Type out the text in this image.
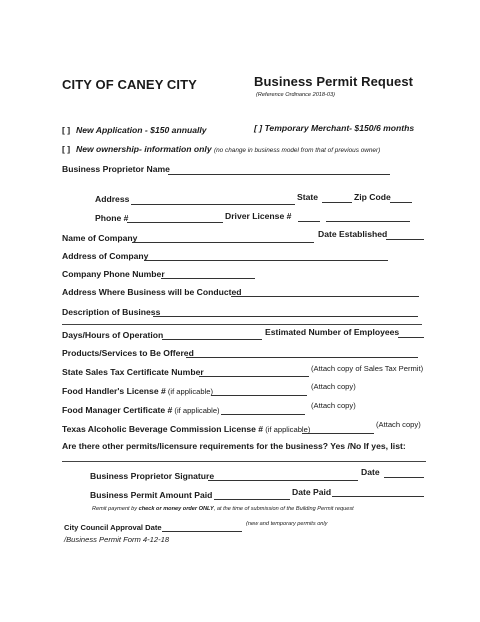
CITY OF CANEY CITY	Business Permit Request
(Reference Ordinance 2018-03)
[ ] New Application - $150 annually	[ ] Temporary Merchant- $150/6 months
[ ] New ownership- information only (no change in business model from that of previous owner)
Business Proprietor Name
Address	State	Zip Code
Phone #	Driver License #
Name of Company	Date Established
Address of Company
Company Phone Number
Address Where Business will be Conducted
Description of Business
Days/Hours of Operation	Estimated Number of Employees
Products/Services to Be Offered
State Sales Tax Certificate Number	(Attach copy of Sales Tax Permit)
Food Handler's License # (if applicable)
(Attach copy)
Food Manager Certificate # (if applicable)
(Attach copy)
Texas Alcoholic Beverage Commission License # (if applicable)
(Attach copy)
Are there other permits/licensure requirements for the business? Yes /No If yes, list:
Business Proprietor Signature	Date
Business Permit Amount Paid	Date Paid
Remit payment by check or money order ONLY, at the time of submission of the Building Permit request
City Council Approval Date	(new and temporary permits only
/Business Permit Form 4-12-18
